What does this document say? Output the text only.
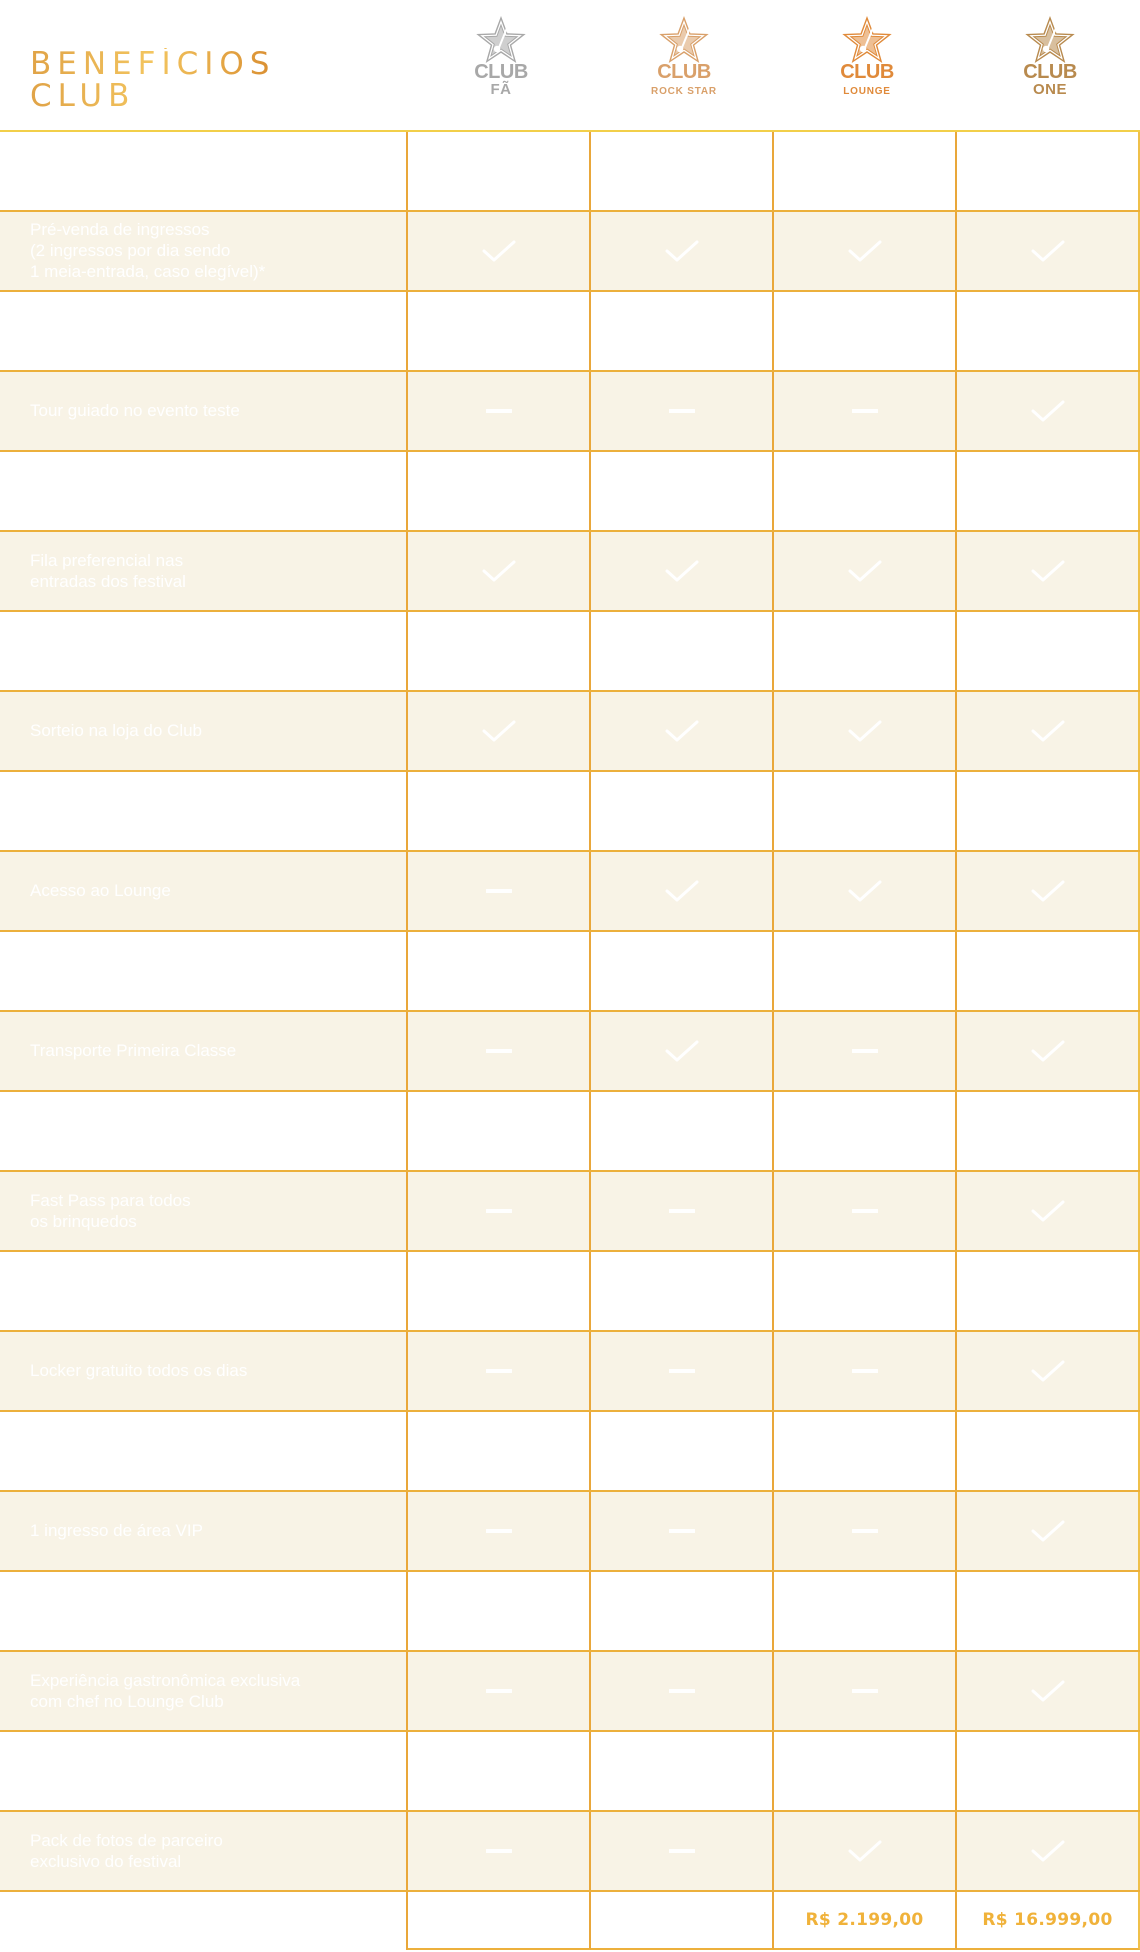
BENEFÍCIOS
CLUB
CLUB
FÃ
CLUB
ROCK STAR
CLUB
LOUNGE
CLUB
ONE
Pré-venda de ingressos
(2 ingressos por dia sendo
1 meia-entrada, caso elegível)*
Tour guiado no evento teste
Fila preferencial nas
entradas dos festival
Sorteio na loja do Club
Acesso ao Lounge
Transporte Primeira Classe
Fast Pass para todos
os brinquedos
Locker gratuito todos os dias
1 ingresso de área VIP
Experiência gastronômica exclusiva
com chef no Lounge Club
Pack de fotos de parceiro
exclusivo do festival
R$ 2.199,00	R$ 16.999,00
